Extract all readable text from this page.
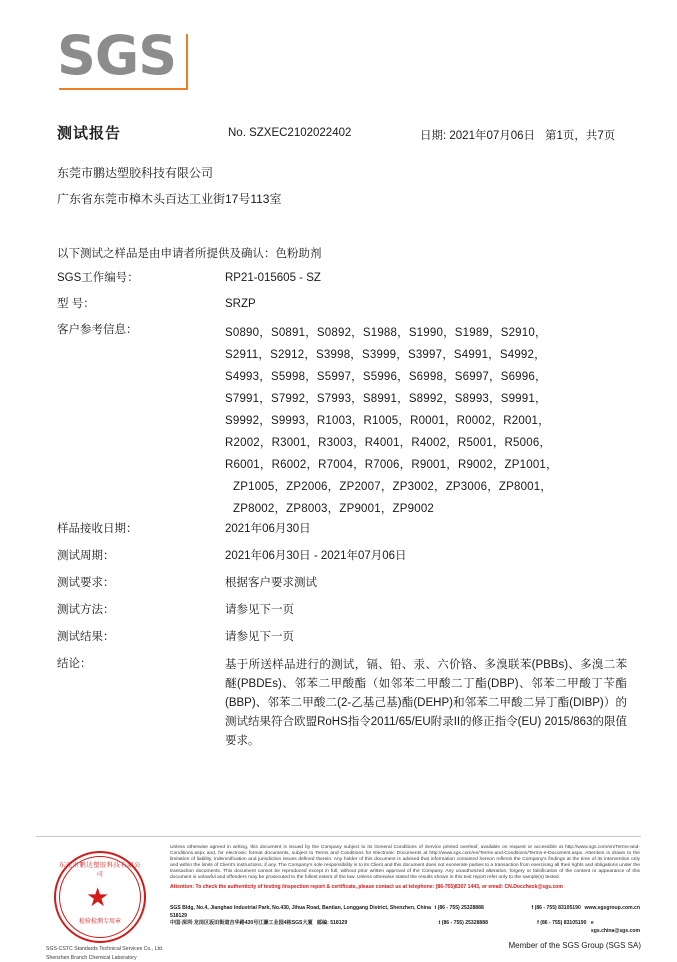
SGS
测试报告	No. SZXEC2102022402	日期: 2021年07月06日 第1页，共7页
东莞市鹏达塑胶科技有限公司
广东省东莞市樟木头百达工业街17号113室
以下测试之样品是由申请者所提供及确认：色粉助剂
SGS工作编号：	RP21-015605 - SZ
型 号：	SRZP
客户参考信息：	S0890，S0891，S0892，S1988，S1990，S1989，S2910，
S2911，S2912，S3998，S3999，S3997，S4991，S4992，
S4993，S5998，S5997，S5996，S6998，S6997，S6996，
S7991，S7992，S7993，S8991，S8992，S8993，S9991，
S9992，S9993，R1003，R1005，R0001，R0002，R2001，
R2002，R3001，R3003，R4001，R4002，R5001，R5006，
R6001，R6002，R7004，R7006，R9001，R9002，ZP1001，
ZP1005，ZP2006，ZP2007，ZP3002，ZP3006，ZP8001，
ZP8002，ZP8003，ZP9001，ZP9002
样品接收日期：	2021年06月30日
测试周期：	2021年06月30日 - 2021年07月06日
测试要求：	根据客户要求测试
测试方法：	请参见下一页
测试结果：	请参见下一页
结论：	基于所送样品进行的测试，镉、铅、汞、六价铬、多溴联苯(PBBs)、多溴二苯醚(PBDEs)、邻苯二甲酸酯（如邻苯二甲酸二丁酯(DBP)、邻苯二甲酸丁苄酯(BBP)、邻苯二甲酸二(2-乙基己基)酯(DEHP)和邻苯二甲酸二异丁酯(DIBP)）的测试结果符合欧盟RoHS指令2011/65/EU附录II的修正指令(EU) 2015/863的限值要求。
东莞市鹏达塑胶科技有限公司
★
检验检测专用章
SGS-CSTC Standards Technical Services Co., Ltd.
Shenzhen Branch Chemical Laboratory
Unless otherwise agreed in writing, this document is issued by the Company subject to its General Conditions of Service printed overleaf, available on request or accessible at http://www.sgs.com/en/Terms-and-Conditions.aspx and, for electronic format documents, subject to Terms and Conditions for Electronic Documents at http://www.sgs.com/en/Terms-and-Conditions/Terms-e-Document.aspx. Attention is drawn to the limitation of liability, indemnification and jurisdiction issues defined therein. Any holder of this document is advised that information contained hereon reflects the Company's findings at the time of its intervention only and within the limits of Client's instructions, if any. The Company's sole responsibility is to its Client and this document does not exonerate parties to a transaction from exercising all their rights and obligations under the transaction documents. This document cannot be reproduced except in full, without prior written approval of the Company. Any unauthorized alteration, forgery or falsification of the content or appearance of this document is unlawful and offenders may be prosecuted to the fullest extent of the law. Unless otherwise stated the results shown in this test report refer only to the sample(s) tested.
Attention: To check the authenticity of testing /inspection report & certificate, please contact us at telephone: (86-755)8307 1443, or email: CN.Doccheck@sgs.com
SGS Bldg, No.4, Jianghao Industrial Park, No.430, Jihua Road, Bantian, Longgang District, Shenzhen, China 518129
t (86 - 755) 25328888	f (86 - 755) 83105190 www.sgsgroup.com.cn
中国·深圳·龙岗区坂田街道吉华路430号江灏工业园4栋SGS大厦 邮编: 518129	t (86 - 755) 25328888	f (86 - 755) 83105190 e sgs.china@sgs.com
Member of the SGS Group (SGS SA)
